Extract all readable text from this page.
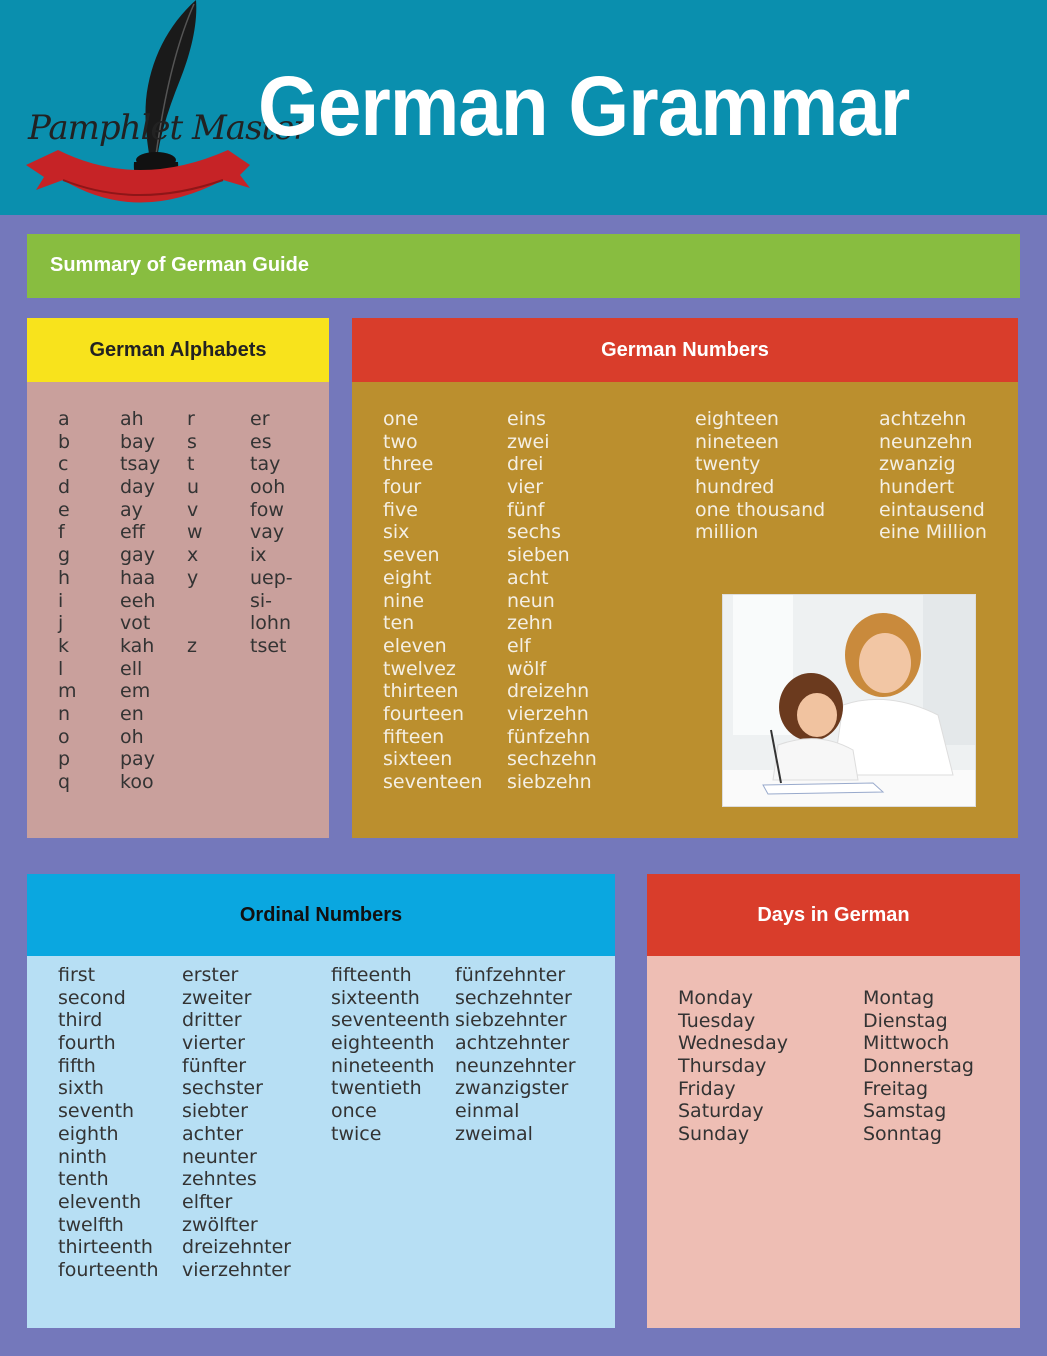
Pamphlet Master
German Grammar
Summary of German Guide
German Alphabets
a
b
c
d
e
f
g
h
i
j
k
l
m
n
o
p
q
ah
bay
tsay
day
ay
eff
gay
haa
eeh
vot
kah
ell
em
en
oh
pay
koo
r
s
t
u
v
w
x
y
z
er
es
tay
ooh
fow
vay
ix
uep-
si-
lohn
tset
German Numbers
one
two
three
four
five
six
seven
eight
nine
ten
eleven
twelvez
thirteen
fourteen
fifteen
sixteen
seventeen
eins
zwei
drei
vier
fünf
sechs
sieben
acht
neun
zehn
elf
wölf
dreizehn
vierzehn
fünfzehn
sechzehn
siebzehn
eighteen
nineteen
twenty
hundred
one thousand
million
achtzehn
neunzehn
zwanzig
hundert
eintausend
eine Million
Ordinal Numbers
first
second
third
fourth
fifth
sixth
seventh
eighth
ninth
tenth
eleventh
twelfth
thirteenth
fourteenth
erster
zweiter
dritter
vierter
fünfter
sechster
siebter
achter
neunter
zehntes
elfter
zwölfter
dreizehnter
vierzehnter
fifteenth
sixteenth
seventeenth
eighteenth
nineteenth
twentieth
once
twice
fünfzehnter
sechzehnter
siebzehnter
achtzehnter
neunzehnter
zwanzigster
einmal
zweimal
Days in German
Monday
Tuesday
Wednesday
Thursday
Friday
Saturday
Sunday
Montag
Dienstag
Mittwoch
Donnerstag
Freitag
Samstag
Sonntag
